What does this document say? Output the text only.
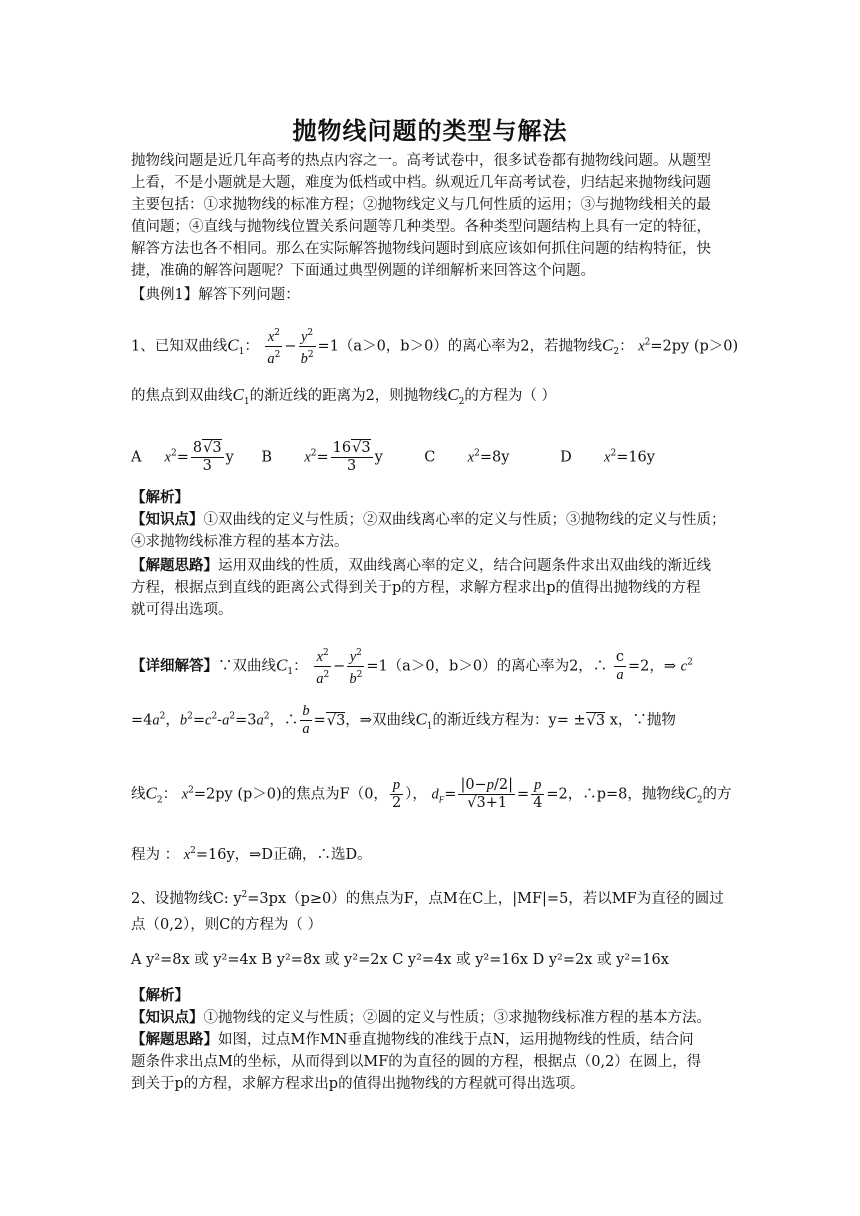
抛物线问题的类型与解法
抛物线问题是近几年高考的热点内容之一。高考试卷中，很多试卷都有抛物线问题。从题型
上看，不是小题就是大题，难度为低档或中档。纵观近几年高考试卷，归结起来抛物线问题
主要包括：①求抛物线的标准方程；②抛物线定义与几何性质的运用；③与抛物线相关的最
值问题；④直线与抛物线位置关系问题等几种类型。各种类型问题结构上具有一定的特征，
解答方法也各不相同。那么在实际解答抛物线问题时到底应该如何抓住问题的结构特征，快
捷，准确的解答问题呢？下面通过典型例题的详细解析来回答这个问题。
【典例1】解答下列问题：
1、已知双曲线$C_1$： $\frac{x^2}{a^2} - \frac{y^2}{b^2} =1(a>0$，b＞0）的离心率为2，若抛物线$C_2$： $x^2=2py$ (p＞0)
的焦点到双曲线$C_1$的渐近线的距离为2，则抛物线$C_2$的方程为（ ）
A $x^2= \frac{8√3}{3}$ y      B $x^2= \frac{16√3}{3}$ y         C $x^2=8y$	D $x^2=16y$
【解析】
【知识点】①双曲线的定义与性质；②双曲线离心率的定义与性质；③抛物线的定义与性质；
④求抛物线标准方程的基本方法。
【解题思路】运用双曲线的性质，双曲线离心率的定义，结合问题条件求出双曲线的渐近线
方程，根据点到直线的距离公式得到关于p的方程，求解方程求出p的值得出抛物线的方程
就可得出选项。
【详细解答】∵双曲线$C_1$： $\frac{x^2}{a^2} - \frac{y^2}{b^2} =1(a>0$，b＞0）的离心率为2，∴ $\frac{c}{a} =2$，⇒ $c^2$
$=4a^2$，$b^2=c^2-a^2=3a^2$，∴ $\frac{b}{a} =√3$，⇒双曲线$C_1$的渐近线方程为：y= ±√3 x，∵抛物
线$C_2$： $x^2=2py$ (p＞0)的焦点为F（0， $\frac{p}{2}$ ）， $d_F= \frac{|0-p/2|}{√3+1} = \frac{p}{4} =2$，∴p=8，抛物线$C_2$的方
程为 ： $x^2=16y$，⇒D正确，∴选D。
2、设抛物线C: $y^2=3px(p\ge 0)$的焦点为F，点M在C上，|MF|=5，若以MF为直径的圆过
点（0,2），则C的方程为（ ）
A y²=8x 或 y²=4x B y²=8x 或 y²=2x C y²=4x 或 y²=16x D y²=2x 或 y²=16x
【解析】
【知识点】①抛物线的定义与性质；②圆的定义与性质；③求抛物线标准方程的基本方法。
【解题思路】如图，过点M作MN垂直抛物线的准线于点N，运用抛物线的性质，结合问
题条件求出点M的坐标，从而得到以MF的为直径的圆的方程，根据点（0,2）在圆上，得
到关于p的方程，求解方程求出p的值得出抛物线的方程就可得出选项。
